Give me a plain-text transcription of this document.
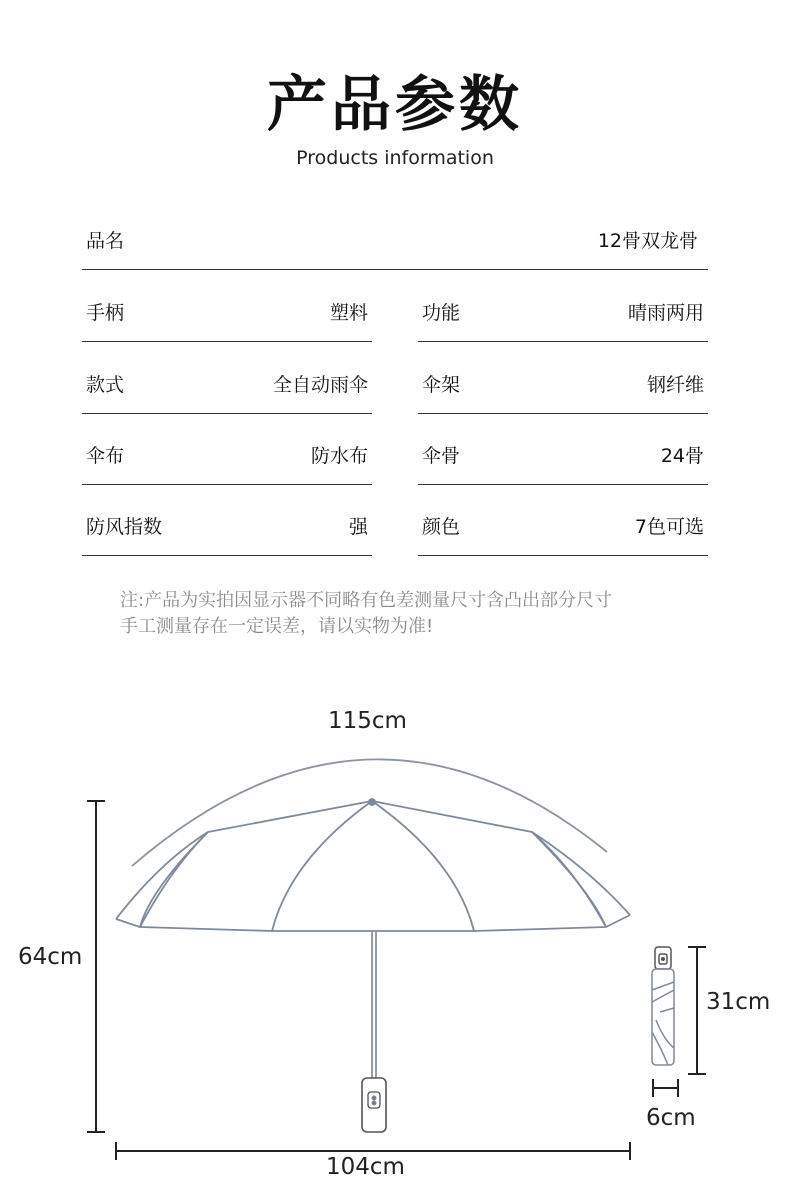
产品参数
Products information
品名	12骨双龙骨
手柄	塑料	功能	晴雨两用
款式	全自动雨伞	伞架	钢纤维
伞布	防水布	伞骨	24骨
防风指数	强	颜色	7色可选
注:产品为实拍因显示器不同略有色差测量尺寸含凸出部分尺寸
手工测量存在一定误差，请以实物为准!
115cm
64cm
104cm
31cm
6cm
